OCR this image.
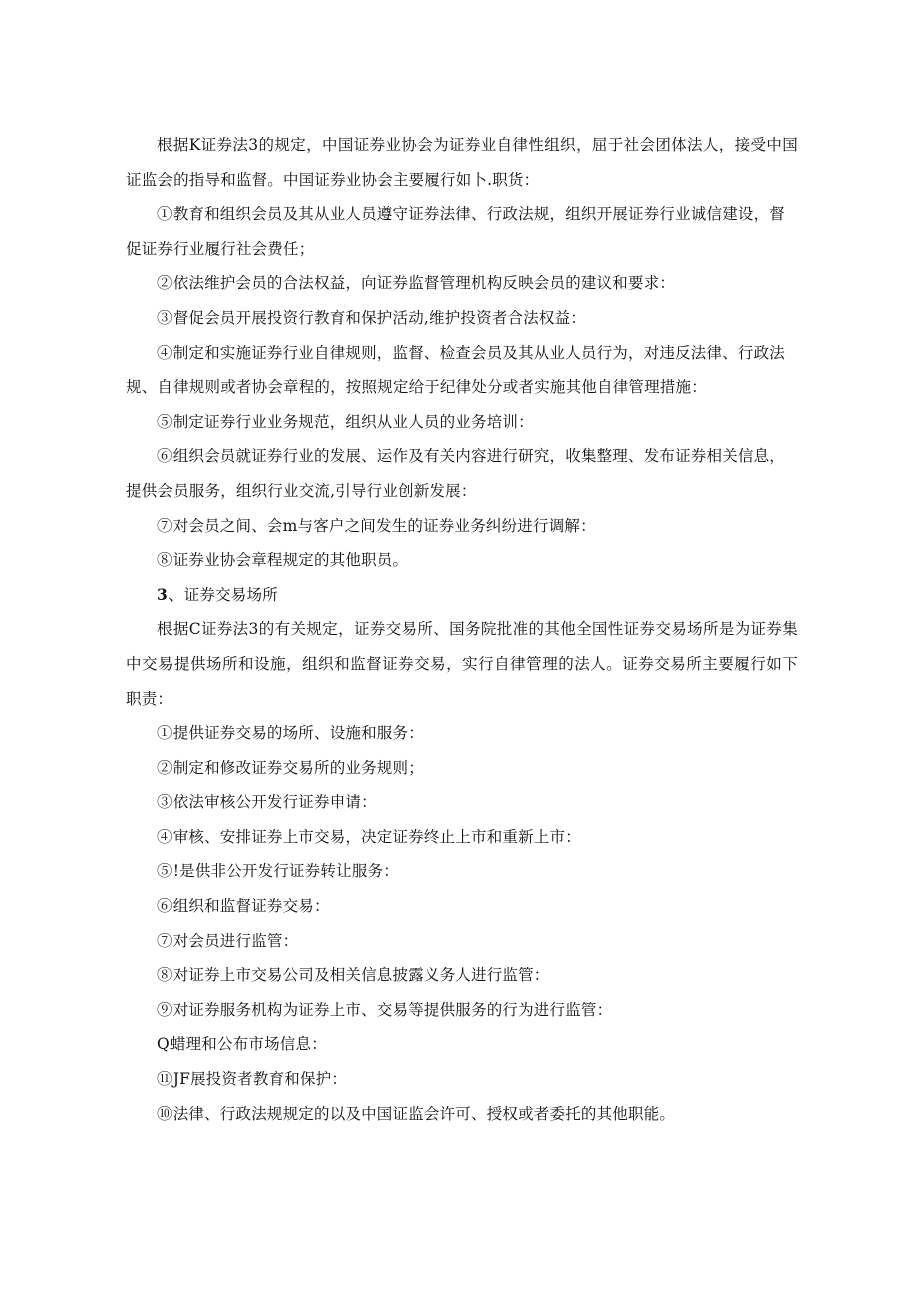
根据K证券法3的规定，中国证券业协会为证券业自律性组织，屈于社会团体法人，接受中国证监会的指导和监督。中国证券业协会主要履行如卜.职货：

①教育和组织会员及其从业人员遵守证券法律、行政法规，组织开展证券行业诚信建设，督促证券行业履行社会费任；

②依法维护会员的合法权益，向证券监督管理机构反映会员的建议和要求：

③督促会员开展投资行教育和保护活动,维护投资者合法权益：

④制定和实施证券行业自律规则，监督、检查会员及其从业人员行为，对违反法律、行政法规、自律规则或者协会章程的，按照规定给于纪律处分或者实施其他自律管理措施：

⑤制定证券行业业务规范，组织从业人员的业务培训：

⑥组织会员就证券行业的发展、运作及有关内容进行研究，收集整理、发布证券相关信息，提供会员服务，组织行业交流,引导行业创新发展：

⑦对会员之间、会m与客户之间发生的证券业务纠纷进行调解：

⑧证券业协会章程规定的其他职员。

3、证券交易场所

根据C证券法3的有关规定，证券交易所、国务院批准的其他全国性证券交易场所是为证券集中交易提供场所和设施，组织和监督证券交易，实行自律管理的法人。证券交易所主要履行如下职责：

①提供证券交易的场所、设施和服务：

②制定和修改证券交易所的业务规则；

③依法审核公开发行证券申请：

④审核、安排证券上市交易，决定证券终止上市和重新上市：

⑤!是供非公开发行证券转让服务：

⑥组织和监督证券交易：

⑦对会员进行监管：

⑧对证券上市交易公司及相关信息披露义务人进行监管：

⑨对证券服务机构为证券上市、交易等提供服务的行为进行监管：

Q蜡理和公布市场信息：

⑪JF展投资者教育和保护：

⑩法律、行政法规规定的以及中国证监会许可、授权或者委托的其他职能。
